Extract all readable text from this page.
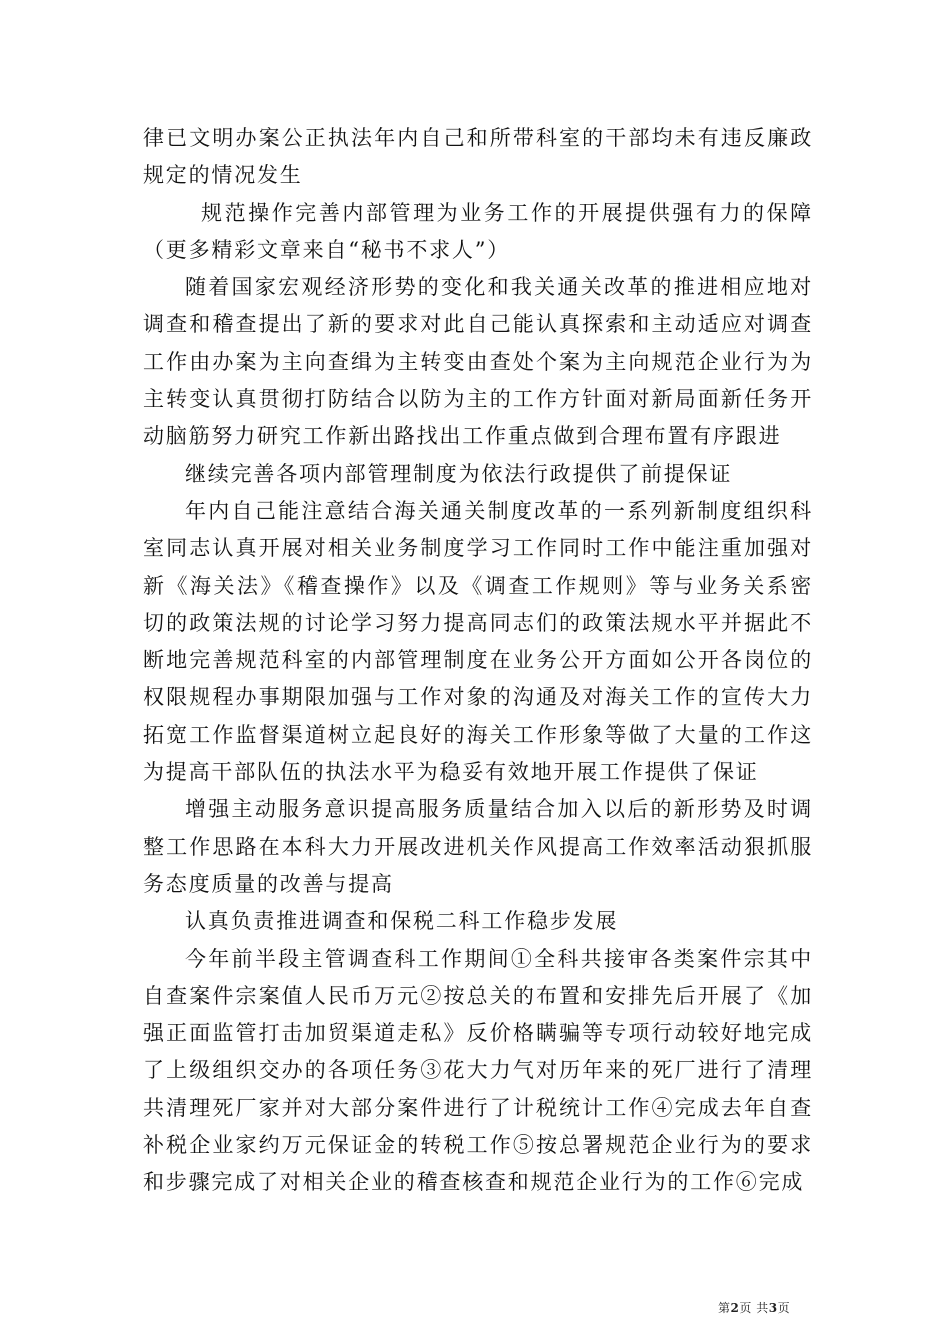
律已文明办案公正执法年内自己和所带科室的干部均未有违反廉政规定的情况发生

规范操作完善内部管理为业务工作的开展提供强有力的保障（更多精彩文章来自“秘书不求人”）

随着国家宏观经济形势的变化和我关通关改革的推进相应地对调查和稽查提出了新的要求对此自己能认真探索和主动适应对调查工作由办案为主向查缉为主转变由查处个案为主向规范企业行为为主转变认真贯彻打防结合以防为主的工作方针面对新局面新任务开动脑筋努力研究工作新出路找出工作重点做到合理布置有序跟进

继续完善各项内部管理制度为依法行政提供了前提保证

年内自己能注意结合海关通关制度改革的一系列新制度组织科室同志认真开展对相关业务制度学习工作同时工作中能注重加强对新《海关法》《稽查操作》以及《调查工作规则》等与业务关系密切的政策法规的讨论学习努力提高同志们的政策法规水平并据此不断地完善规范科室的内部管理制度在业务公开方面如公开各岗位的权限规程办事期限加强与工作对象的沟通及对海关工作的宣传大力拓宽工作监督渠道树立起良好的海关工作形象等做了大量的工作这为提高干部队伍的执法水平为稳妥有效地开展工作提供了保证

增强主动服务意识提高服务质量结合加入以后的新形势及时调整工作思路在本科大力开展改进机关作风提高工作效率活动狠抓服务态度质量的改善与提高

认真负责推进调查和保税二科工作稳步发展

今年前半段主管调查科工作期间①全科共接审各类案件宗其中自查案件宗案值人民币万元②按总关的布置和安排先后开展了《加强正面监管打击加贸渠道走私》反价格瞒骗等专项行动较好地完成了上级组织交办的各项任务③花大力气对历年来的死厂进行了清理共清理死厂家并对大部分案件进行了计税统计工作④完成去年自查补税企业家约万元保证金的转税工作⑤按总署规范企业行为的要求和步骤完成了对相关企业的稽查核查和规范企业行为的工作⑥完成

第2页 共3页
